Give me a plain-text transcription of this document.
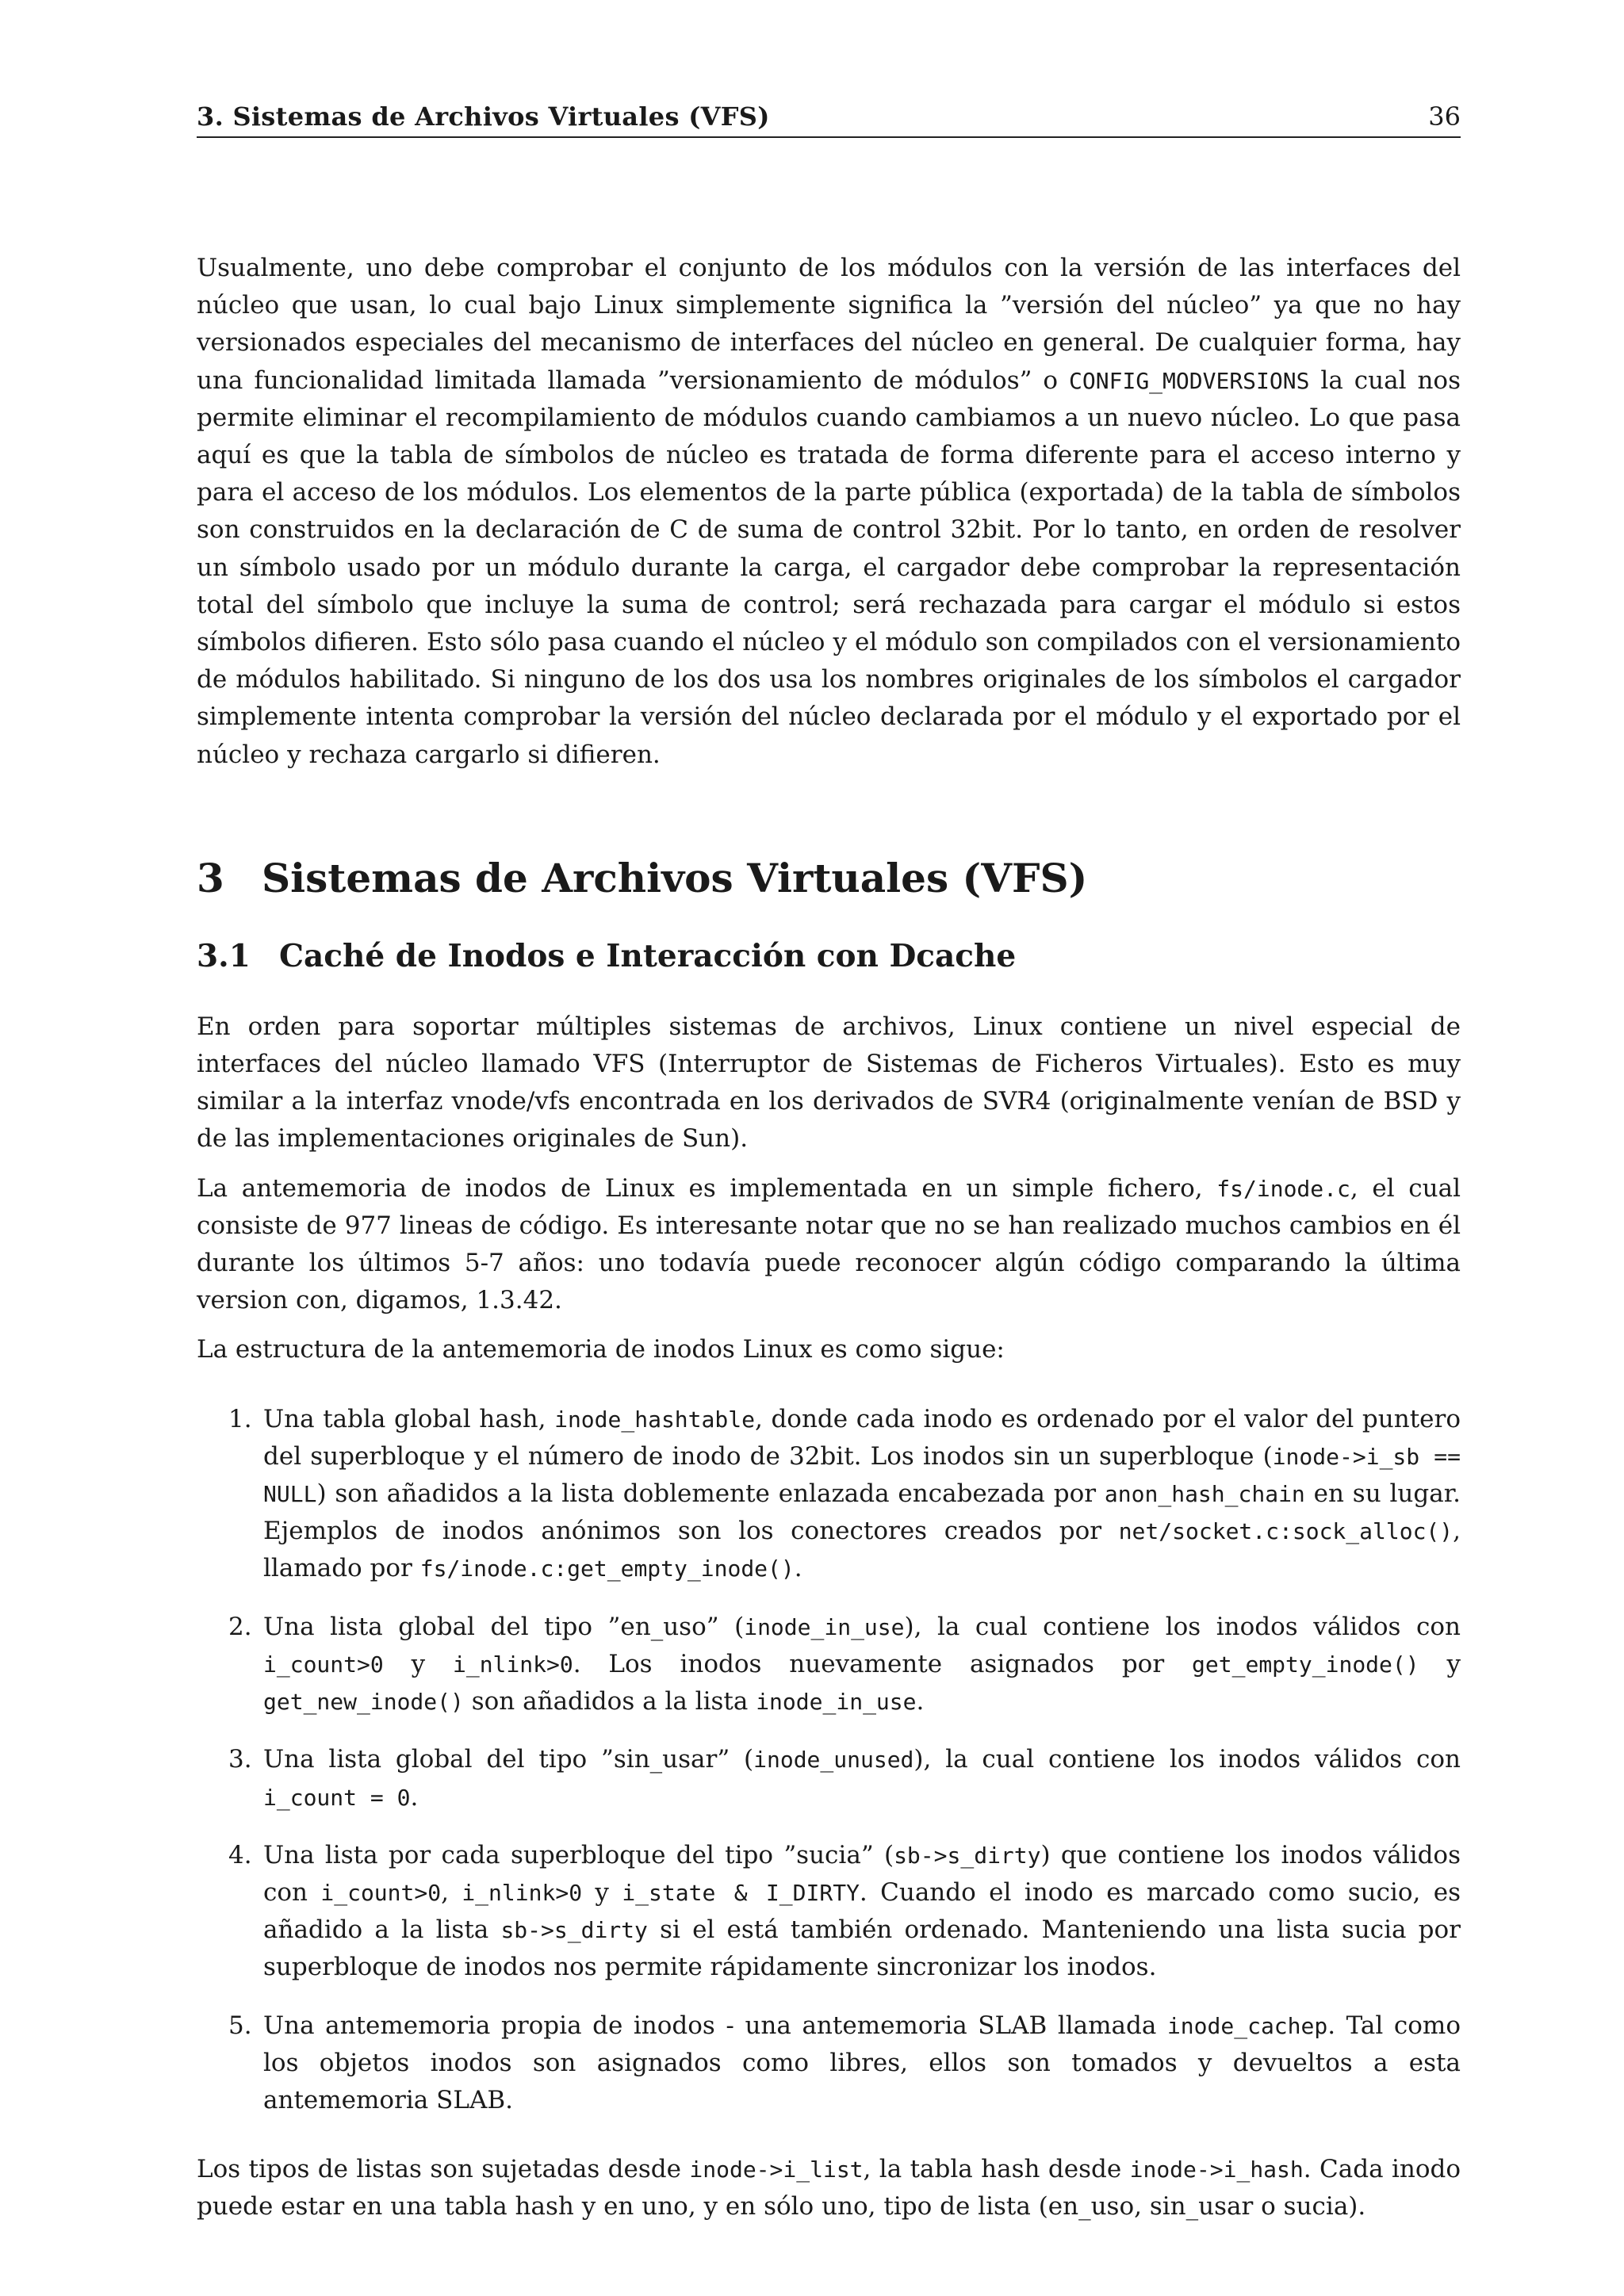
3. Sistemas de Archivos Virtuales (VFS)	36

Usualmente, uno debe comprobar el conjunto de los módulos con la versión de las interfaces del núcleo que usan, lo cual bajo Linux simplemente significa la ”versión del núcleo” ya que no hay versionados especiales del mecanismo de interfaces del núcleo en general. De cualquier forma, hay una funcionalidad limitada llamada ”versionamiento de módulos” o CONFIG_MODVERSIONS la cual nos permite eliminar el recompilamiento de módulos cuando cambiamos a un nuevo núcleo. Lo que pasa aquí es que la tabla de símbolos de núcleo es tratada de forma diferente para el acceso interno y para el acceso de los módulos. Los elementos de la parte pública (exportada) de la tabla de símbolos son construidos en la declaración de C de suma de control 32bit. Por lo tanto, en orden de resolver un símbolo usado por un módulo durante la carga, el cargador debe comprobar la representación total del símbolo que incluye la suma de control; será rechazada para cargar el módulo si estos símbolos difieren. Esto sólo pasa cuando el núcleo y el módulo son compilados con el versionamiento de módulos habilitado. Si ninguno de los dos usa los nombres originales de los símbolos el cargador simplemente intenta comprobar la versión del núcleo declarada por el módulo y el exportado por el núcleo y rechaza cargarlo si difieren.

3 Sistemas de Archivos Virtuales (VFS)
3.1 Caché de Inodos e Interacción con Dcache

En orden para soportar múltiples sistemas de archivos, Linux contiene un nivel especial de interfaces del núcleo llamado VFS (Interruptor de Sistemas de Ficheros Virtuales). Esto es muy similar a la interfaz vnode/vfs encontrada en los derivados de SVR4 (originalmente venían de BSD y de las implementaciones originales de Sun).

La antememoria de inodos de Linux es implementada en un simple fichero, fs/inode.c, el cual consiste de 977 lineas de código. Es interesante notar que no se han realizado muchos cambios en él durante los últimos 5-7 años: uno todavía puede reconocer algún código comparando la última version con, digamos, 1.3.42.

La estructura de la antememoria de inodos Linux es como sigue:

1. Una tabla global hash, inode_hashtable, donde cada inodo es ordenado por el valor del puntero del superbloque y el número de inodo de 32bit. Los inodos sin un superbloque (inode->i_sb == NULL) son añadidos a la lista doblemente enlazada encabezada por anon_hash_chain en su lugar. Ejemplos de inodos anónimos son los conectores creados por net/socket.c:sock_alloc(), llamado por fs/inode.c:get_empty_inode().
2. Una lista global del tipo ”en_uso” (inode_in_use), la cual contiene los inodos válidos con i_count>0 y i_nlink>0. Los inodos nuevamente asignados por get_empty_inode() y get_new_inode() son añadidos a la lista inode_in_use.
3. Una lista global del tipo ”sin_usar” (inode_unused), la cual contiene los inodos válidos con i_count = 0.
4. Una lista por cada superbloque del tipo ”sucia” (sb->s_dirty) que contiene los inodos válidos con i_count>0, i_nlink>0 y i_state & I_DIRTY. Cuando el inodo es marcado como sucio, es añadido a la lista sb->s_dirty si el está también ordenado. Manteniendo una lista sucia por superbloque de inodos nos permite rápidamente sincronizar los inodos.
5. Una antememoria propia de inodos - una antememoria SLAB llamada inode_cachep. Tal como los objetos inodos son asignados como libres, ellos son tomados y devueltos a esta antememoria SLAB.

Los tipos de listas son sujetadas desde inode->i_list, la tabla hash desde inode->i_hash. Cada inodo puede estar en una tabla hash y en uno, y en sólo uno, tipo de lista (en_uso, sin_usar o sucia).
